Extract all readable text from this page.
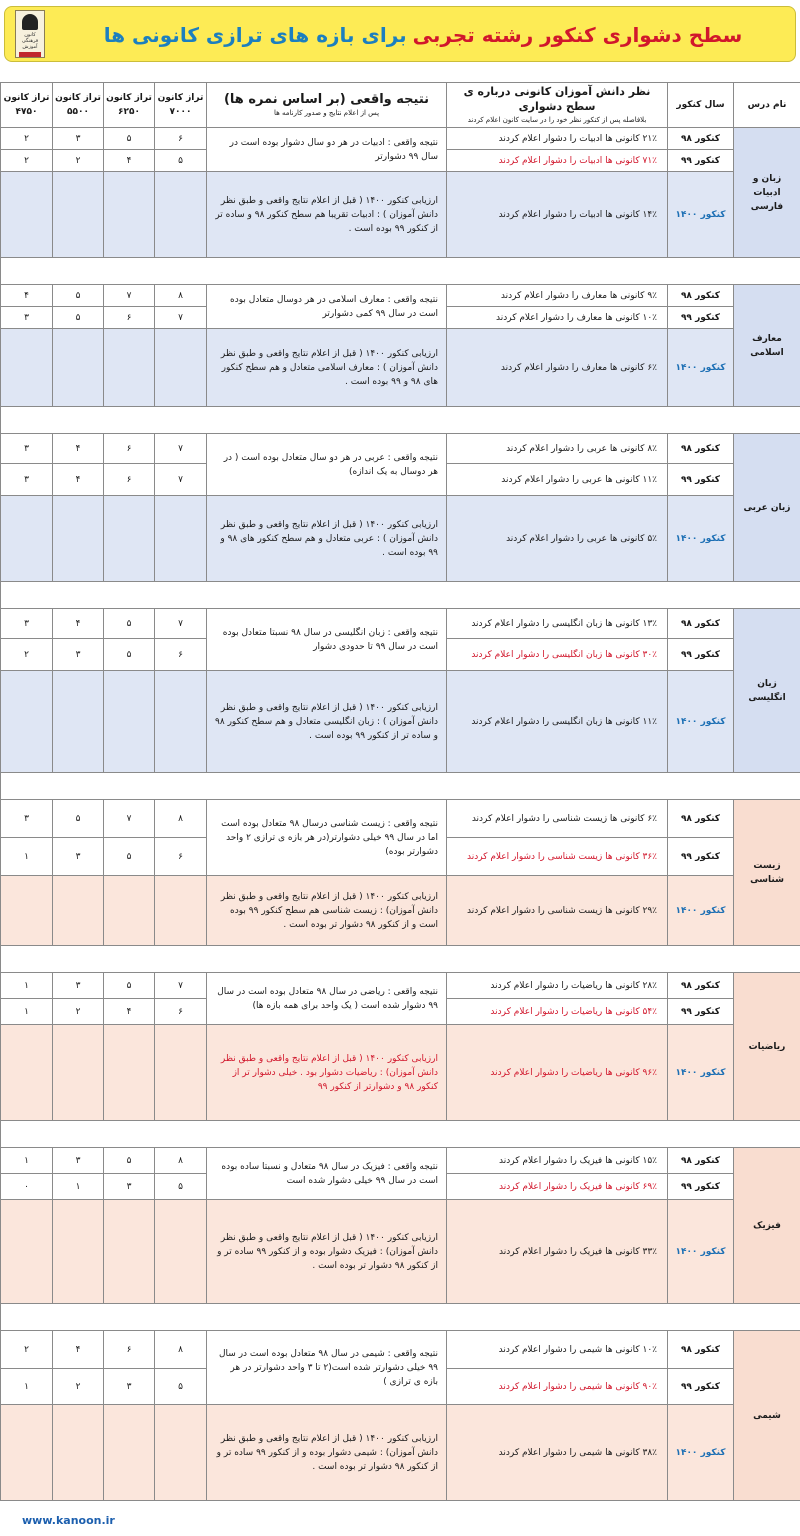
کانون فرهنگی آموزش	سطح دشواری کنکور رشته تجربی
برای بازه های ترازی کانونی ها
نام درس	سال کنکور	نظر دانش آموزان کانونی درباره ی سطح دشواری
بلافاصله پس از کنکور نظر خود را در سایت کانون اعلام کردند	نتیجه واقعی (بر اساس نمره ها)
پس از اعلام نتایج و صدور کارنامه ها	تراز کانون ۷۰۰۰	تراز کانون ۶۲۵۰	تراز کانون ۵۵۰۰	تراز کانون ۴۷۵۰
زبان و ادبیات فارسی	کنکور ۹۸	۲۱٪ کانونی ها ادبیات را دشوار اعلام کردند	نتیجه واقعی : ادبیات در هر دو سال دشوار بوده است در سال ۹۹ دشوارتر	۶	۵	۳	۲
	کنکور ۹۹	۷۱٪ کانونی ها ادبیات را دشوار اعلام کردند		۵	۴	۲	۲
	کنکور ۱۴۰۰	۱۴٪ کانونی ها ادبیات را دشوار اعلام کردند	ارزیابی کنکور ۱۴۰۰ ( قبل از اعلام نتایج واقعی و طبق نظر دانش آموزان ) : ادبیات تقریبا هم سطح کنکور ۹۸ و ساده تر از کنکور ۹۹ بوده است .				

معارف اسلامی	کنکور ۹۸	۹٪ کانونی ها معارف را دشوار اعلام کردند	نتیجه واقعی : معارف اسلامی در هر دوسال متعادل بوده است در سال ۹۹ کمی دشوارتر	۸	۷	۵	۴
	کنکور ۹۹	۱۰٪ کانونی ها معارف را دشوار اعلام کردند		۷	۶	۵	۳
	کنکور ۱۴۰۰	۶٪ کانونی ها معارف را دشوار اعلام کردند	ارزیابی کنکور ۱۴۰۰ ( قبل از اعلام نتایج واقعی و طبق نظر دانش آموزان ) : معارف اسلامی متعادل و هم سطح کنکور های ۹۸ و ۹۹ بوده است .				

زبان عربی	کنکور ۹۸	۸٪ کانونی ها عربی را دشوار اعلام کردند	نتیجه واقعی : عربی در هر دو سال متعادل بوده است ( در هر دوسال به یک اندازه)	۷	۶	۴	۳
	کنکور ۹۹	۱۱٪ کانونی ها عربی را دشوار اعلام کردند		۷	۶	۴	۳
	کنکور ۱۴۰۰	۵٪ کانونی ها عربی را دشوار اعلام کردند	ارزیابی کنکور ۱۴۰۰ ( قبل از اعلام نتایج واقعی و طبق نظر دانش آموزان ) : عربی متعادل و هم سطح کنکور های ۹۸ و ۹۹ بوده است .				

زبان انگلیسی	کنکور ۹۸	۱۳٪ کانونی ها زبان انگلیسی را دشوار اعلام کردند	نتیجه واقعی : زبان انگلیسی در سال ۹۸ نسبتا متعادل بوده است در سال ۹۹ تا حدودی دشوار	۷	۵	۴	۳
	کنکور ۹۹	۳۰٪ کانونی ها زبان انگلیسی را دشوار اعلام کردند		۶	۵	۳	۲
	کنکور ۱۴۰۰	۱۱٪ کانونی ها زبان انگلیسی را دشوار اعلام کردند	ارزیابی کنکور ۱۴۰۰ ( قبل از اعلام نتایج واقعی و طبق نظر دانش آموزان ) : زبان انگلیسی متعادل و هم سطح کنکور ۹۸ و ساده تر از کنکور ۹۹ بوده است .				

زیست شناسی	کنکور ۹۸	۶٪ کانونی ها زیست شناسی را دشوار اعلام کردند	نتیجه واقعی : زیست شناسی درسال ۹۸ متعادل بوده است اما در سال ۹۹ خیلی دشوارتر(در هر بازه ی ترازی ۲ واحد دشوارتر بوده)	۸	۷	۵	۳
	کنکور ۹۹	۳۶٪ کانونی ها زیست شناسی را دشوار اعلام کردند		۶	۵	۳	۱
	کنکور ۱۴۰۰	۲۹٪ کانونی ها زیست شناسی را دشوار اعلام کردند	ارزیابی کنکور ۱۴۰۰ ( قبل از اعلام نتایج واقعی و طبق نظر دانش آموزان) : زیست شناسی هم سطح کنکور ۹۹ بوده است و از کنکور ۹۸ دشوار تر بوده است .				

ریاضیات	کنکور ۹۸	۲۸٪ کانونی ها ریاضیات را دشوار اعلام کردند	نتیجه واقعی : ریاضی در سال ۹۸ متعادل بوده است در سال ۹۹ دشوار شده است ( یک واحد برای همه بازه ها)	۷	۵	۳	۱
	کنکور ۹۹	۵۴٪ کانونی ها ریاضیات را دشوار اعلام کردند		۶	۴	۲	۱
	کنکور ۱۴۰۰	۹۶٪ کانونی ها ریاضیات را دشوار اعلام کردند	ارزیابی کنکور ۱۴۰۰ ( قبل از اعلام نتایج واقعی و طبق نظر دانش آموزان) : ریاضیات دشوار بود . خیلی دشوار تر از کنکور ۹۸ و دشوارتر از کنکور ۹۹				

فیزیک	کنکور ۹۸	۱۵٪ کانونی ها فیزیک را دشوار اعلام کردند	نتیجه واقعی : فیزیک در سال ۹۸ متعادل و نسبتا ساده بوده است در سال ۹۹ خیلی دشوار شده است	۸	۵	۳	۱
	کنکور ۹۹	۶۹٪ کانونی ها فیزیک را دشوار اعلام کردند		۵	۳	۱	۰
	کنکور ۱۴۰۰	۳۳٪ کانونی ها فیزیک را دشوار اعلام کردند	ارزیابی کنکور ۱۴۰۰ ( قبل از اعلام نتایج واقعی و طبق نظر دانش آموزان) : فیزیک دشوار بوده و از کنکور ۹۹ ساده تر و از کنکور ۹۸ دشوار تر بوده است .				

شیمی	کنکور ۹۸	۱۰٪ کانونی ها شیمی را دشوار اعلام کردند	نتیجه واقعی : شیمی در سال ۹۸ متعادل بوده است در سال ۹۹ خیلی دشوارتر شده است(۲ تا ۳ واحد دشوارتر در هر بازه ی ترازی )	۸	۶	۴	۲
	کنکور ۹۹	۹۰٪ کانونی ها شیمی را دشوار اعلام کردند		۵	۳	۲	۱
	کنکور ۱۴۰۰	۳۸٪ کانونی ها شیمی را دشوار اعلام کردند	ارزیابی کنکور ۱۴۰۰ ( قبل از اعلام نتایج واقعی و طبق نظر دانش آموزان) : شیمی دشوار بوده و از کنکور ۹۹ ساده تر و از کنکور ۹۸ دشوار تر بوده است .				
www.kanoon.ir
